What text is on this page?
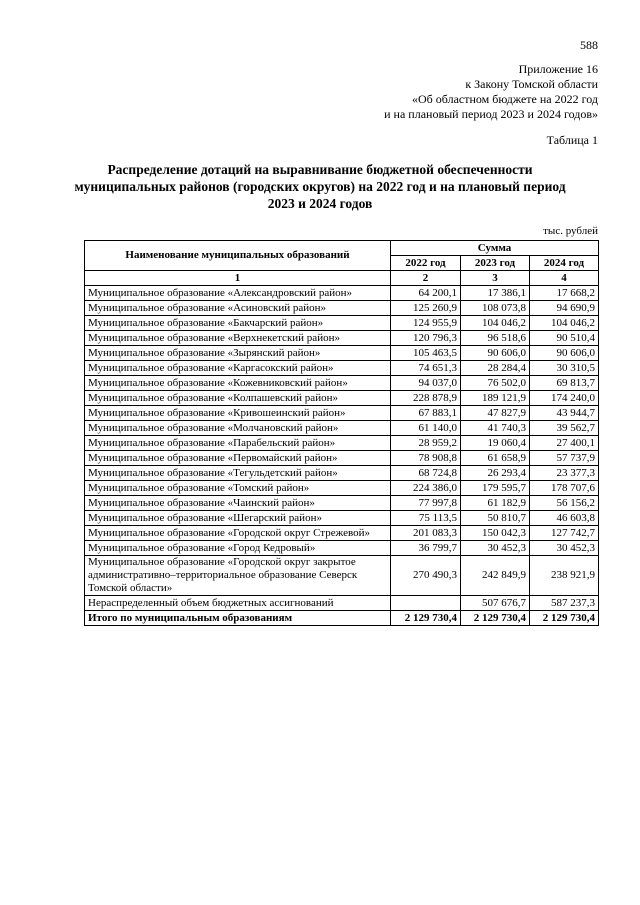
588
Приложение 16
к Закону Томской области
«Об областном бюджете на 2022 год
и на плановый период 2023 и 2024 годов»
Таблица 1
Распределение дотаций на выравнивание бюджетной обеспеченности муниципальных районов (городских округов) на 2022 год и на плановый период 2023 и 2024 годов
тыс. рублей
Наименование муниципальных образований	Сумма		
	2022 год	2023 год	2024 год
1	2	3	4
Муниципальное образование «Александровский район»	64 200,1	17 386,1	17 668,2
Муниципальное образование «Асиновский район»	125 260,9	108 073,8	94 690,9
Муниципальное образование «Бакчарский район»	124 955,9	104 046,2	104 046,2
Муниципальное образование «Верхнекетский район»	120 796,3	96 518,6	90 510,4
Муниципальное образование «Зырянский район»	105 463,5	90 606,0	90 606,0
Муниципальное образование «Каргасокский район»	74 651,3	28 284,4	30 310,5
Муниципальное образование «Кожевниковский район»	94 037,0	76 502,0	69 813,7
Муниципальное образование «Колпашевский район»	228 878,9	189 121,9	174 240,0
Муниципальное образование «Кривошеинский район»	67 883,1	47 827,9	43 944,7
Муниципальное образование «Молчановский район»	61 140,0	41 740,3	39 562,7
Муниципальное образование «Парабельский район»	28 959,2	19 060,4	27 400,1
Муниципальное образование «Первомайский район»	78 908,8	61 658,9	57 737,9
Муниципальное образование «Тегульдетский район»	68 724,8	26 293,4	23 377,3
Муниципальное образование «Томский район»	224 386,0	179 595,7	178 707,6
Муниципальное образование «Чаинский район»	77 997,8	61 182,9	56 156,2
Муниципальное образование «Шегарский район»	75 113,5	50 810,7	46 603,8
Муниципальное образование «Городской округ Стрежевой»	201 083,3	150 042,3	127 742,7
Муниципальное образование «Город Кедровый»	36 799,7	30 452,3	30 452,3
Муниципальное образование «Городской округ закрытое административно–территориальное образование Северск Томской области»	270 490,3	242 849,9	238 921,9
Нераспределенный объем бюджетных ассигнований		507 676,7	587 237,3
Итого по муниципальным образованиям	2 129 730,4	2 129 730,4	2 129 730,4
